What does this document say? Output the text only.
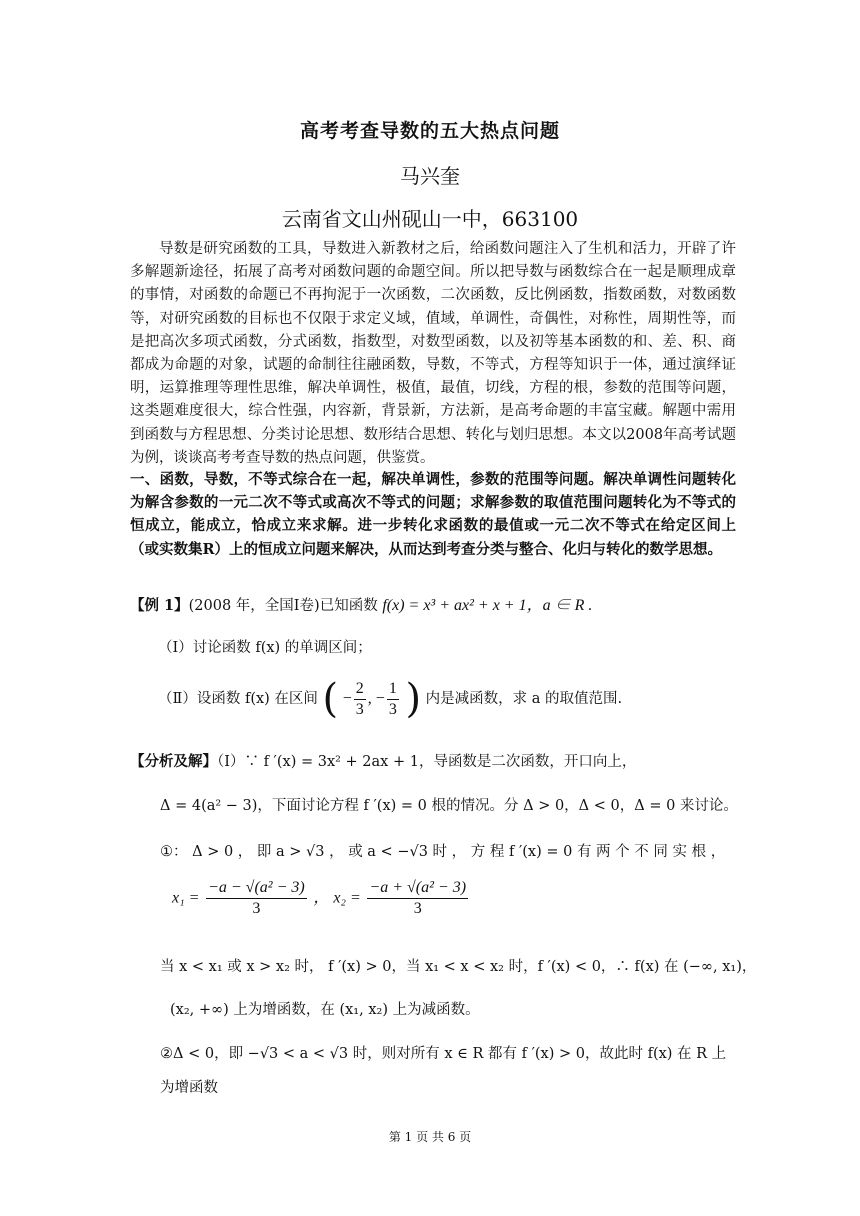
高考考查导数的五大热点问题
马兴奎
云南省文山州砚山一中，663100
导数是研究函数的工具，导数进入新教材之后，给函数问题注入了生机和活力，开辟了许多解题新途径，拓展了高考对函数问题的命题空间。所以把导数与函数综合在一起是顺理成章的事情，对函数的命题已不再拘泥于一次函数，二次函数，反比例函数，指数函数，对数函数等，对研究函数的目标也不仅限于求定义域，值域，单调性，奇偶性，对称性，周期性等，而是把高次多项式函数，分式函数，指数型，对数型函数，以及初等基本函数的和、差、积、商都成为命题的对象，试题的命制往往融函数，导数，不等式，方程等知识于一体，通过演绎证明，运算推理等理性思维，解决单调性，极值，最值，切线，方程的根，参数的范围等问题，这类题难度很大，综合性强，内容新，背景新，方法新，是高考命题的丰富宝藏。解题中需用到函数与方程思想、分类讨论思想、数形结合思想、转化与划归思想。本文以2008年高考试题为例，谈谈高考考查导数的热点问题，供鉴赏。
一、函数，导数，不等式综合在一起，解决单调性，参数的范围等问题。解决单调性问题转化为解含参数的一元二次不等式或高次不等式的问题；求解参数的取值范围问题转化为不等式的恒成立，能成立，恰成立来求解。进一步转化求函数的最值或一元二次不等式在给定区间上（或实数集R）上的恒成立问题来解决，从而达到考查分类与整合、化归与转化的数学思想。
【例 1】(2008 年，全国Ⅰ卷)已知函数 f(x) = x³ + ax² + x + 1，a ∈ R .
（Ⅰ）讨论函数 f(x) 的单调区间；
（Ⅱ）设函数 f(x) 在区间 ( − $\frac{2}{3}$ , − $\frac{1}{3}$ ) 内是减函数，求 a 的取值范围.
【分析及解】（Ⅰ）∵ f ′(x) = 3x² + 2ax + 1，导函数是二次函数，开口向上，
Δ = 4(a² − 3)，下面讨论方程 f ′(x) = 0 根的情况。分 Δ > 0，Δ < 0，Δ = 0 来讨论。
①： Δ > 0 ， 即 a > √3 ， 或 a < −√3 时 ， 方 程 f ′(x) = 0 有 两 个 不 同 实 根 ，
$x_1 = \frac{\text{−a − √(a² − 3)}}{3}$ ， $x_2 = \frac{\text{−a + √(a² − 3)}}{3}$
当 x < x₁ 或 x > x₂ 时， f ′(x) > 0，当 x₁ < x < x₂ 时，f ′(x) < 0，∴ f(x) 在 (−∞, x₁)，
(x₂, +∞) 上为增函数，在 (x₁, x₂) 上为减函数。
②Δ < 0，即 −√3 < a < √3 时，则对所有 x ∈ R 都有 f ′(x) > 0，故此时 f(x) 在 R 上
为增函数
第 1 页 共 6 页
